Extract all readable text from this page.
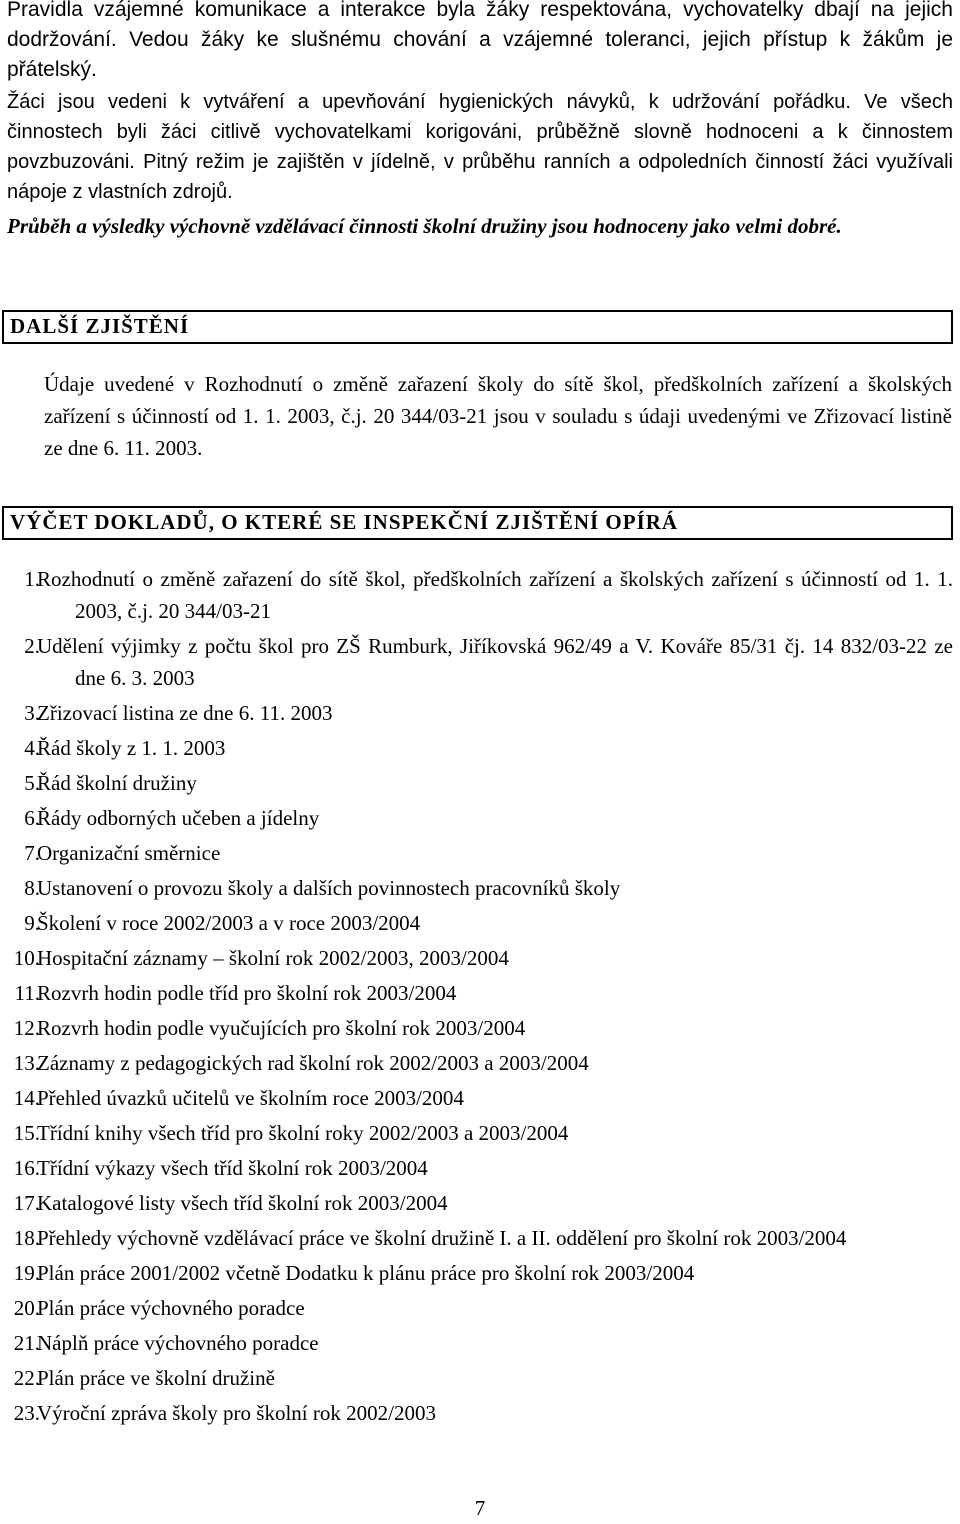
Pravidla vzájemné komunikace a interakce byla žáky respektována, vychovatelky dbají na jejich dodržování. Vedou žáky ke slušnému chování a vzájemné toleranci, jejich přístup k žákům je přátelský.

Žáci jsou vedeni k vytváření a upevňování hygienických návyků, k udržování pořádku. Ve všech činnostech byli žáci citlivě vychovatelkami korigováni, průběžně slovně hodnoceni a k činnostem povzbuzováni. Pitný režim je zajištěn v jídelně, v průběhu ranních a odpoledních činností žáci využívali nápoje z vlastních zdrojů.

Průběh a výsledky výchovně vzdělávací činnosti školní družiny jsou hodnoceny jako velmi dobré.

DALŠÍ ZJIŠTĚNÍ

Údaje uvedené v Rozhodnutí o změně zařazení školy do sítě škol, předškolních zařízení a školských zařízení s účinností od 1. 1. 2003, č.j. 20 344/03-21 jsou v souladu s údaji uvedenými ve Zřizovací listině ze dne 6. 11. 2003.

VÝČET DOKLADŮ, O KTERÉ SE INSPEKČNÍ ZJIŠTĚNÍ OPÍRÁ
1.
Rozhodnutí o změně zařazení do sítě škol, předškolních zařízení a školských zařízení s účinností od 1. 1. 2003, č.j. 20 344/03-21
2.
Udělení výjimky z počtu škol pro ZŠ Rumburk, Jiříkovská 962/49 a V. Kováře 85/31 čj. 14 832/03-22 ze dne 6. 3. 2003
3.
Zřizovací listina ze dne 6. 11. 2003
4.
Řád školy z 1. 1. 2003
5.
Řád školní družiny
6.
Řády odborných učeben a jídelny
7.
Organizační směrnice
8.
Ustanovení o provozu školy a dalších povinnostech pracovníků školy
9.
Školení v roce 2002/2003 a v roce 2003/2004
10.
Hospitační záznamy – školní rok 2002/2003, 2003/2004
11.
Rozvrh hodin podle tříd pro školní rok 2003/2004
12.
Rozvrh hodin podle vyučujících pro školní rok 2003/2004
13.
Záznamy z pedagogických rad školní rok 2002/2003 a 2003/2004
14.
Přehled úvazků učitelů ve školním roce 2003/2004
15.
Třídní knihy všech tříd pro školní roky 2002/2003 a 2003/2004
16.
Třídní výkazy všech tříd školní rok 2003/2004
17.
Katalogové listy všech tříd školní rok 2003/2004
18.
Přehledy výchovně vzdělávací práce ve školní družině I. a II. oddělení pro školní rok 2003/2004
19.
Plán práce 2001/2002 včetně Dodatku k plánu práce pro školní rok 2003/2004
20.
Plán práce výchovného poradce
21.
Náplň práce výchovného poradce
22.
Plán práce ve školní družině
23.
Výroční zpráva školy pro školní rok 2002/2003
7
